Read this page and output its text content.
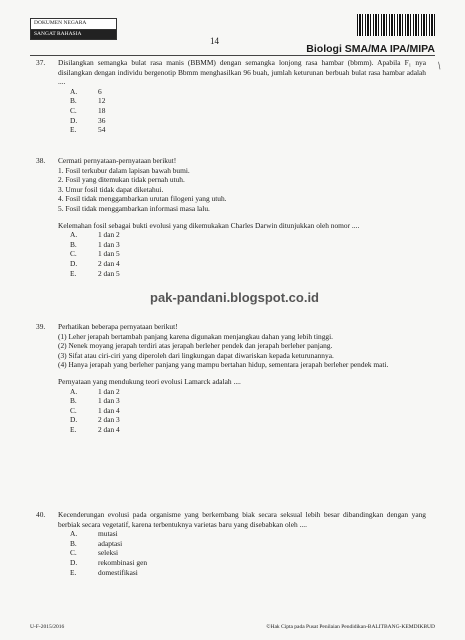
DOKUMEN NEGARA
SANGAT RAHASIA
14
Biologi SMA/MA IPA/MIPA
/
37. Disilangkan semangka bulat rasa manis (BBMM) dengan semangka lonjong rasa hambar (bbmm). Apabila F₁ nya disilangkan dengan individu bergenotip Bbmm menghasilkan 96 buah, jumlah keturunan berbuah bulat rasa hambar adalah ....
A.	6
B.	12
C.	18
D.	36
E.	54
38. Cermati pernyataan-pernyataan berikut!
1. Fosil terkubur dalam lapisan bawah bumi.
2. Fosil yang ditemukan tidak pernah utuh.
3. Umur fosil tidak dapat diketahui.
4. Fosil tidak menggambarkan urutan filogeni yang utuh.
5. Fosil tidak menggambarkan informasi masa lalu.
Kelemahan fosil sebagai bukti evolusi yang dikemukakan Charles Darwin ditunjukkan oleh nomor ....
A.	1 dan 2
B.	1 dan 3
C.	1 dan 5
D.	2 dan 4
E.	2 dan 5
pak-pandani.blogspot.co.id
39. Perhatikan beberapa pernyataan berikut!
(1) Leher jerapah bertambah panjang karena digunakan menjangkau dahan yang lebih tinggi.
(2) Nenek moyang jerapah terdiri atas jerapah berleher pendek dan jerapah berleher panjang.
(3) Sifat atau ciri-ciri yang diperoleh dari lingkungan dapat diwariskan kepada keturunannya.
(4) Hanya jerapah yang berleher panjang yang mampu bertahan hidup, sementara jerapah berleher pendek mati.
Pernyataan yang mendukung teori evolusi Lamarck adalah ....
A.	1 dan 2
B.	1 dan 3
C.	1 dan 4
D.	2 dan 3
E.	2 dan 4
40. Kecenderungan evolusi pada organisme yang berkembang biak secara seksual lebih besar dibandingkan dengan yang berbiak secara vegetatif, karena terbentuknya varietas baru yang disebabkan oleh ....
A.	mutasi
B.	adaptasi
C.	seleksi
D.	rekombinasi gen
E.	domestifikasi
U-F-2015/2016	©Hak Cipta pada Pusat Penilaian Pendidikan-BALITBANG-KEMDIKBUD
